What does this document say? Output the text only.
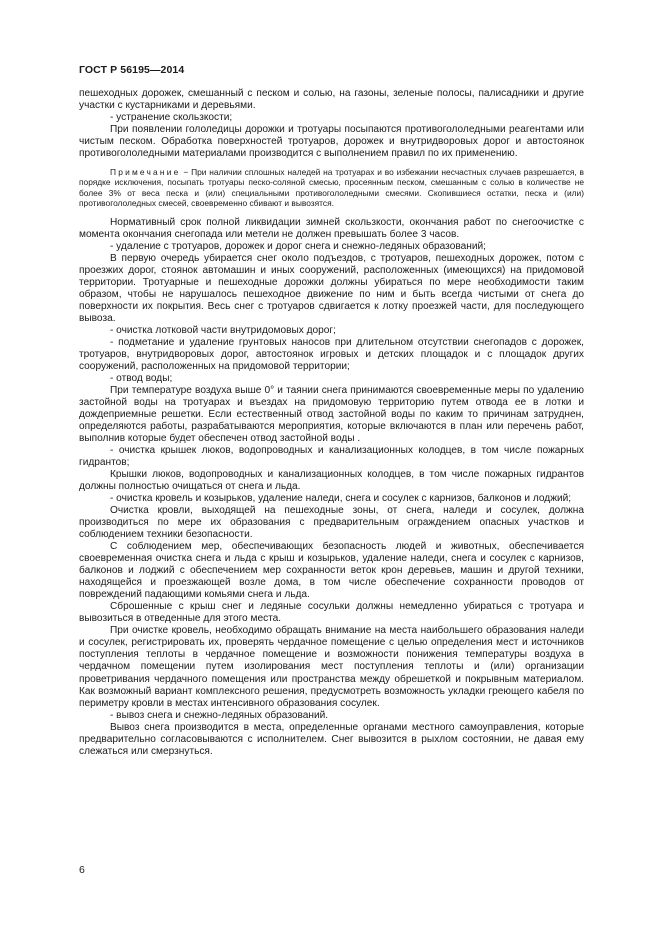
ГОСТ Р 56195—2014

пешеходных дорожек, смешанный с песком и солью, на газоны, зеленые полосы, палисадники и другие участки с кустарниками и деревьями.

- устранение скользкости;

При появлении гололедицы дорожки и тротуары посыпаются противогололедными реагентами или чистым песком. Обработка поверхностей тротуаров, дорожек и внутридворовых дорог и автостоянок противогололедными материалами производится с выполнением правил по их применению.

Примечание − При наличии сплошных наледей на тротуарах и во избежании несчастных случаев разрешается, в порядке исключения, посыпать тротуары песко-соляной смесью, просеянным песком, смешанным с солью в количестве не более 3% от веса песка и (или) специальными противогололедными смесями. Скопившиеся остатки, песка и (или) противогололедных смесей, своевременно сбивают и вывозятся.

Нормативный срок полной ликвидации зимней скользкости, окончания работ по снегоочистке с момента окончания снегопада или метели не должен превышать более 3 часов.

- удаление с тротуаров, дорожек и дорог снега и снежно-ледяных образований;

В первую очередь убирается снег около подъездов, с тротуаров, пешеходных дорожек, потом с проезжих дорог, стоянок автомашин и иных сооружений, расположенных (имеющихся) на придомовой территории. Тротуарные и пешеходные дорожки должны убираться по мере необходимости таким образом, чтобы не нарушалось пешеходное движение по ним и быть всегда чистыми от снега до поверхности их покрытия. Весь снег с тротуаров сдвигается к лотку проезжей части, для последующего вывоза.

- очистка лотковой части внутридомовых дорог;

- подметание и удаление грунтовых наносов при длительном отсутствии снегопадов с дорожек, тротуаров, внутридворовых дорог, автостоянок игровых и детских площадок и с площадок других сооружений, расположенных на придомовой территории;

- отвод воды;

При температуре воздуха выше 0° и таянии снега принимаются своевременные меры по удалению застойной воды на тротуарах и въездах на придомовую территорию путем отвода ее в лотки и дождеприемные решетки. Если естественный отвод застойной воды по каким то причинам затруднен, определяются работы, разрабатываются мероприятия, которые включаются в план или перечень работ, выполнив которые будет обеспечен отвод застойной воды .

- очистка крышек люков, водопроводных и канализационных колодцев, в том числе пожарных гидрантов;

Крышки люков, водопроводных и канализационных колодцев, в том числе пожарных гидрантов должны полностью очищаться от снега и льда.

- очистка кровель и козырьков, удаление наледи, снега и сосулек с карнизов, балконов и лоджий;

Очистка кровли, выходящей на пешеходные зоны, от снега, наледи и сосулек, должна производиться по мере их образования с предварительным ограждением опасных участков и соблюдением техники безопасности.

С соблюдением мер, обеспечивающих безопасность людей и животных, обеспечивается своевременная очистка снега и льда с крыш и козырьков, удаление наледи, снега и сосулек с карнизов, балконов и лоджий с обеспечением мер сохранности веток крон деревьев, машин и другой техники, находящейся и проезжающей возле дома, в том числе обеспечение сохранности проводов от повреждений падающими комьями снега и льда.

Сброшенные с крыш снег и ледяные сосульки должны немедленно убираться с тротуара и вывозиться в отведенные для этого места.

При очистке кровель, необходимо обращать внимание на места наибольшего образования наледи и сосулек, регистрировать их, проверять чердачное помещение с целью определения мест и источников поступления теплоты в чердачное помещение и возможности понижения температуры воздуха в чердачном помещении путем изолирования мест поступления теплоты и (или) организации проветривания чердачного помещения или пространства между обрешеткой и покрывным материалом. Как возможный вариант комплексного решения, предусмотреть возможность укладки греющего кабеля по периметру кровли в местах интенсивного образования сосулек.

- вывоз снега и снежно-ледяных образований.

Вывоз снега производится в места, определенные органами местного самоуправления, которые предварительно согласовываются с исполнителем. Снег вывозится в рыхлом состоянии, не давая ему слежаться или смерзнуться.

6
